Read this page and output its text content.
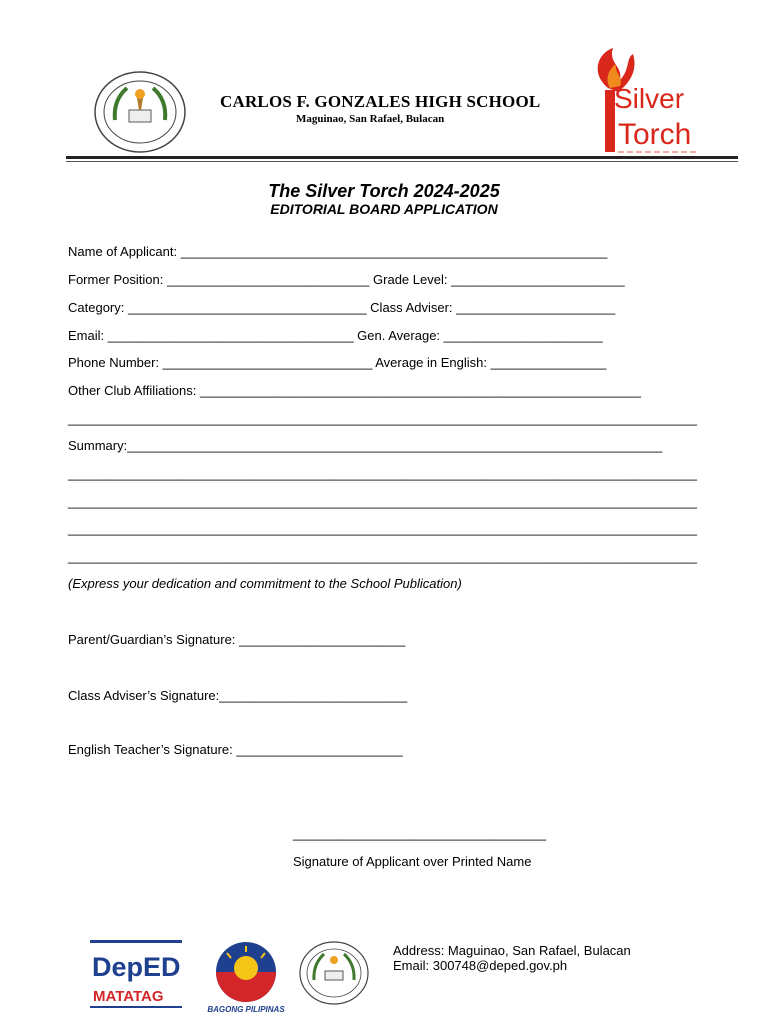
CARLOS F. GONZALES HIGH SCHOOL
Maguinao, San Rafael, Bulacan
Silver
Torch
The Silver Torch 2024-2025
EDITORIAL BOARD APPLICATION
Name of Applicant: ___________________________________________________________
Former Position: ____________________________ Grade Level: ________________________
Category: _________________________________ Class Adviser: ______________________
Email: __________________________________ Gen. Average: ______________________
Phone Number: _____________________________ Average in English: ________________
Other Club Affiliations: _____________________________________________________________
_______________________________________________________________________________________
Summary:__________________________________________________________________________
_______________________________________________________________________________________
_______________________________________________________________________________________
_______________________________________________________________________________________
_______________________________________________________________________________________
(Express your dedication and commitment to the School Publication)
Parent/Guardian’s Signature: _______________________
Class Adviser’s Signature:__________________________
English Teacher’s Signature: _______________________
___________________________________
Signature of Applicant over Printed Name
DepED
MATATAG
BAGONG PILIPINAS
Address: Maguinao, San Rafael, Bulacan
Email: 300748@deped.gov.ph
